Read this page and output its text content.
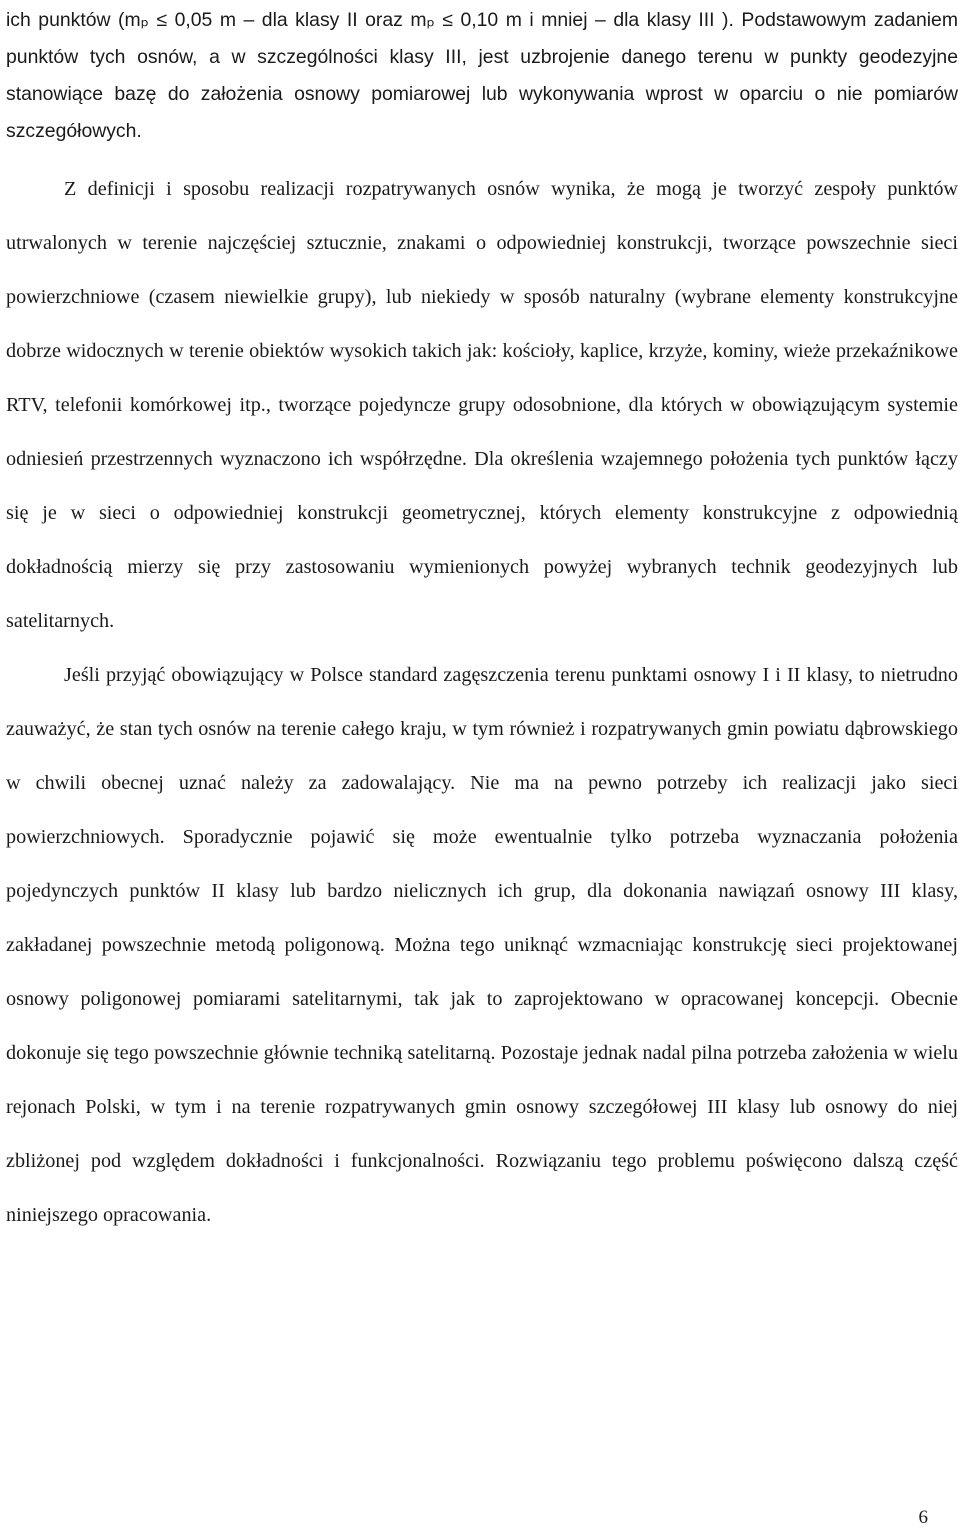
ich punktów (mₚ ≤ 0,05 m – dla klasy II oraz mₚ ≤ 0,10 m i mniej – dla klasy III ). Podstawowym zadaniem punktów tych osnów, a w szczególności klasy III, jest uzbrojenie danego terenu w punkty geodezyjne stanowiące bazę do założenia osnowy pomiarowej lub wykonywania wprost w oparciu o nie pomiarów szczegółowych.

Z definicji i sposobu realizacji rozpatrywanych osnów wynika, że mogą je tworzyć zespoły punktów utrwalonych w terenie najczęściej sztucznie, znakami o odpowiedniej konstrukcji, tworzące powszechnie sieci powierzchniowe (czasem niewielkie grupy), lub niekiedy w sposób naturalny (wybrane elementy konstrukcyjne dobrze widocznych w terenie obiektów wysokich takich jak: kościoły, kaplice, krzyże, kominy, wieże przekaźnikowe RTV, telefonii komórkowej itp., tworzące pojedyncze grupy odosobnione, dla których w obowiązującym systemie odniesień przestrzennych wyznaczono ich współrzędne. Dla określenia wzajemnego położenia tych punktów łączy się je w sieci o odpowiedniej konstrukcji geometrycznej, których elementy konstrukcyjne z odpowiednią dokładnością mierzy się przy zastosowaniu wymienionych powyżej wybranych technik geodezyjnych lub satelitarnych.

Jeśli przyjąć obowiązujący w Polsce standard zagęszczenia terenu punktami osnowy I i II klasy, to nietrudno zauważyć, że stan tych osnów na terenie całego kraju, w tym również i rozpatrywanych gmin powiatu dąbrowskiego w chwili obecnej uznać należy za zadowalający. Nie ma na pewno potrzeby ich realizacji jako sieci powierzchniowych. Sporadycznie pojawić się może ewentualnie tylko potrzeba wyznaczania położenia pojedynczych punktów II klasy lub bardzo nielicznych ich grup, dla dokonania nawiązań osnowy III klasy, zakładanej powszechnie metodą poligonową. Można tego uniknąć wzmacniając konstrukcję sieci projektowanej osnowy poligonowej pomiarami satelitarnymi, tak jak to zaprojektowano w opracowanej koncepcji. Obecnie dokonuje się tego powszechnie głównie techniką satelitarną. Pozostaje jednak nadal pilna potrzeba założenia w wielu rejonach Polski, w tym i na terenie rozpatrywanych gmin osnowy szczegółowej III klasy lub osnowy do niej zbliżonej pod względem dokładności i funkcjonalności. Rozwiązaniu tego problemu poświęcono dalszą część niniejszego opracowania.

6
